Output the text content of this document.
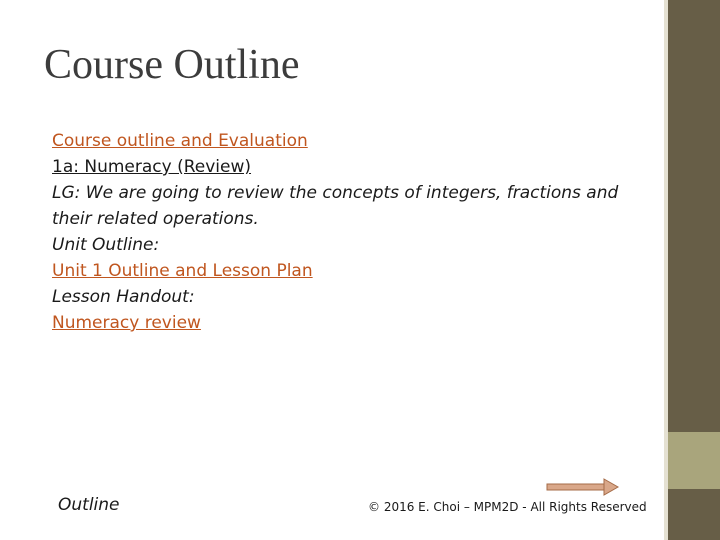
Course Outline
Course outline and Evaluation
1a: Numeracy (Review)
LG: We are going to review the concepts of integers, fractions and their related operations.
Unit Outline:
Unit 1 Outline and Lesson Plan
Lesson Handout:
Numeracy review
Outline	© 2016 E. Choi – MPM2D - All Rights Reserved
